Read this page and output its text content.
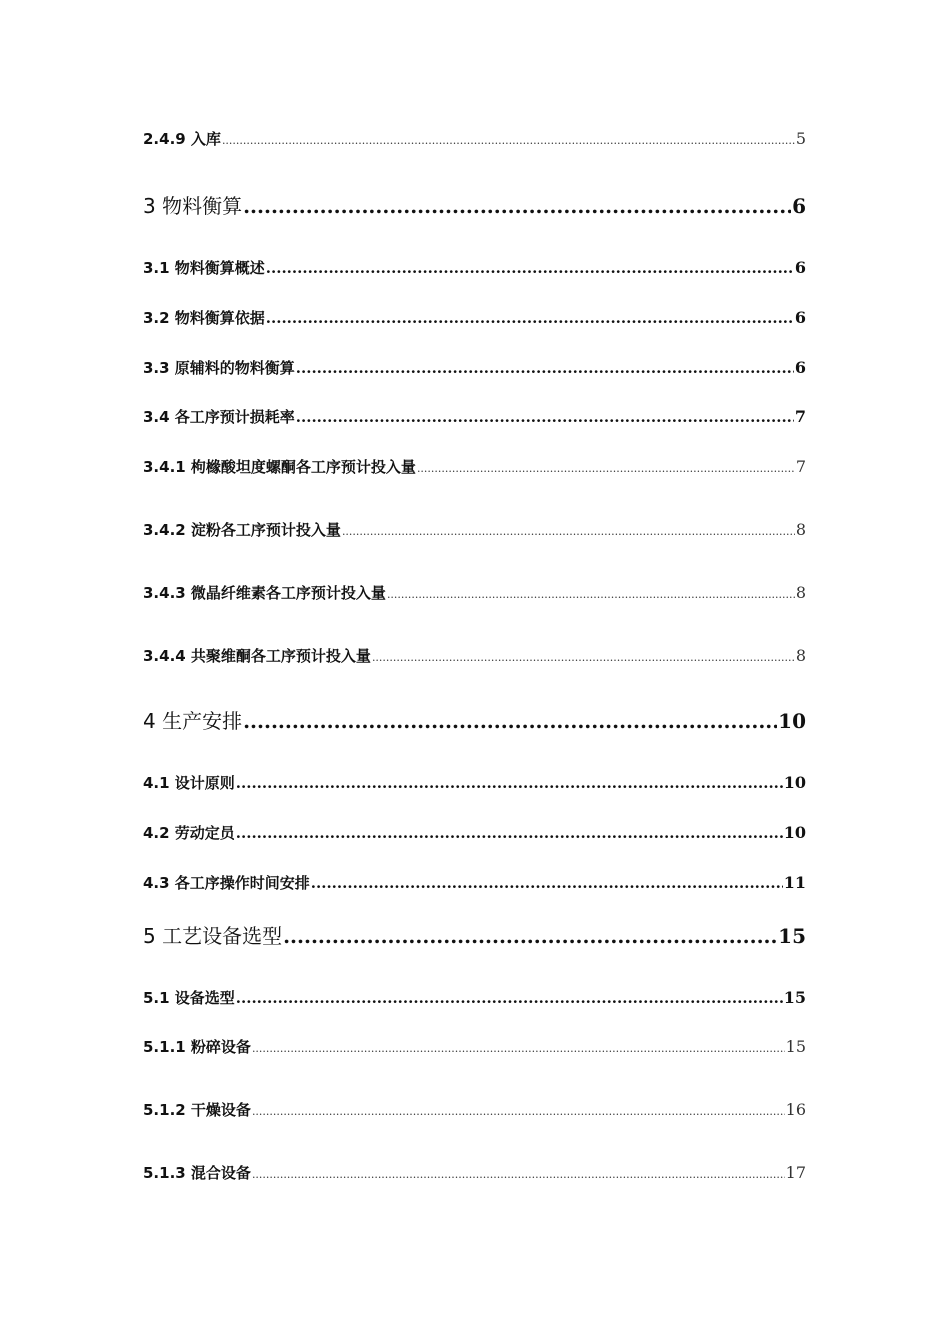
2.4.9 入库 .....	5
3 物料衡算 .....	6
3.1 物料衡算概述 .....	6
3.2 物料衡算依据 .....	6
3.3 原辅料的物料衡算 .....	6
3.4 各工序预计损耗率 .....	7
3.4.1 枸橼酸坦度螺酮各工序预计投入量 .....	7
3.4.2 淀粉各工序预计投入量 .....	8
3.4.3 微晶纤维素各工序预计投入量 .....	8
3.4.4 共聚维酮各工序预计投入量 .....	8
4 生产安排 .....	10
4.1 设计原则 .....	10
4.2 劳动定员 .....	10
4.3 各工序操作时间安排 .....	11
5 工艺设备选型 .....	15
5.1 设备选型 .....	15
5.1.1 粉碎设备 .....	15
5.1.2 干燥设备 .....	16
5.1.3 混合设备 .....	17
